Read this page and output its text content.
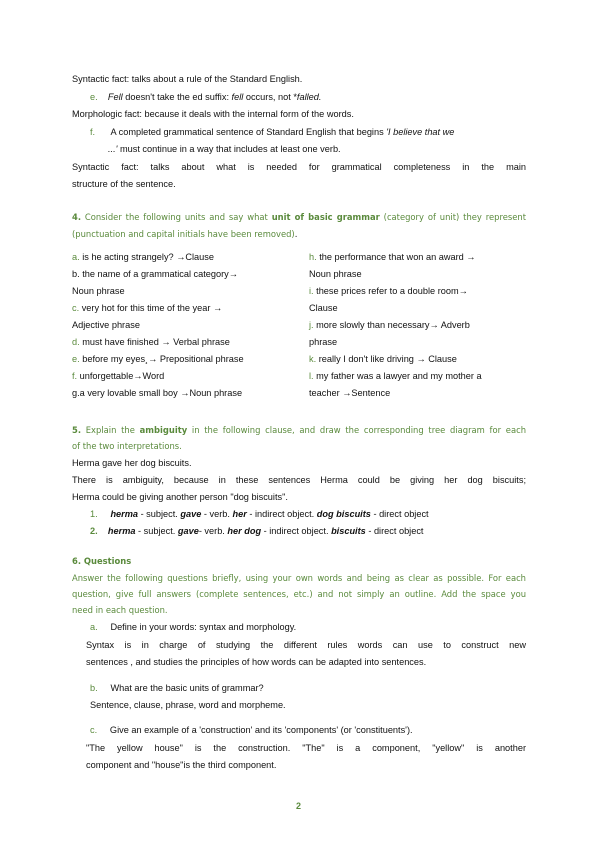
Syntactic fact: talks about a rule of the Standard English.
e. Fell doesn't take the ed suffix: fell occurs, not *falled.
Morphologic fact: because it deals with the internal form of the words.
f. A completed grammatical sentence of Standard English that begins 'I believe that we
...' must continue in a way that includes at least one verb.
Syntactic fact: talks about what is needed for grammatical completeness in the main
structure of the sentence.
4. Consider the following units and say what unit of basic grammar (category of unit) they represent
(punctuation and capital initials have been removed).
a. is he acting strangely? →Clause
b. the name of a grammatical category→
Noun phrase
c. very hot for this time of the year →
Adjective phrase
d. must have finished → Verbal phrase
e. before my eyes¸→ Prepositional phrase
f. unforgettable→Word
g.a very lovable small boy →Noun phrase
h. the performance that won an award →
Noun phrase
i. these prices refer to a double room→
Clause
j. more slowly than necessary→ Adverb
phrase
k. really I don't like driving → Clause
l. my father was a lawyer and my mother a
teacher →Sentence
5. Explain the ambiguity in the following clause, and draw the corresponding tree diagram for each
of the two interpretations.
Herma gave her dog biscuits.
There is ambiguity, because in these sentences Herma could be giving her dog biscuits;
Herma could be giving another person "dog biscuits".
1. herma - subject. gave - verb. her - indirect object. dog biscuits - direct object
2. herma - subject. gave- verb. her dog - indirect object. biscuits - direct object
6. Questions
Answer the following questions briefly, using your own words and being as clear as possible. For each
question, give full answers (complete sentences, etc.) and not simply an outline. Add the space you
need in each question.
a. Define in your words: syntax and morphology.
Syntax is in charge of studying the different rules words can use to construct new
sentences , and studies the principles of how words can be adapted into sentences.
b. What are the basic units of grammar?
Sentence, clause, phrase, word and morpheme.
c. Give an example of a 'construction' and its 'components' (or 'constituents').
"The yellow house" is the construction. "The" is a component, "yellow" is another
component and "house"is the third component.
2
